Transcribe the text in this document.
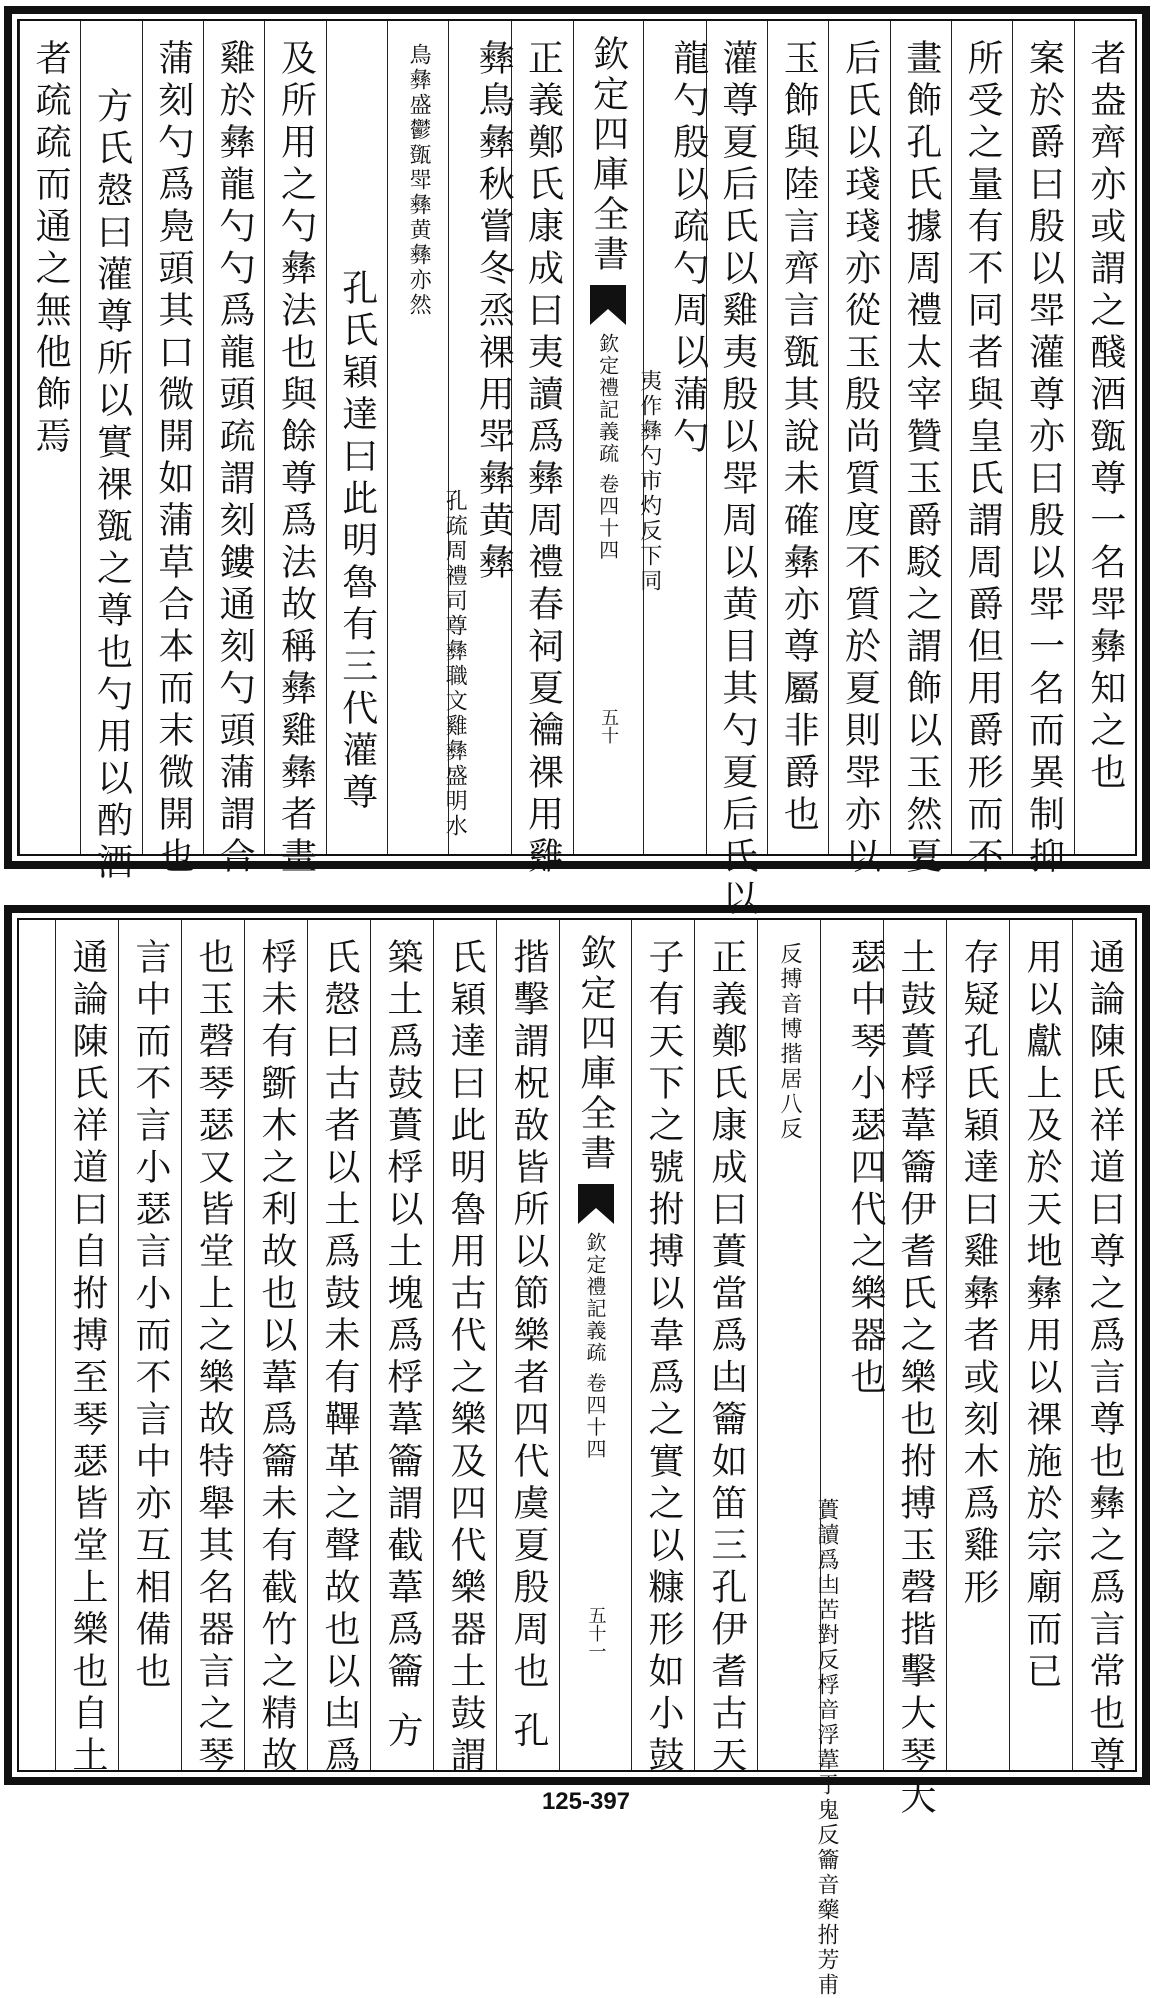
者盎齊亦或謂之醆酒㽅尊一名斝彝知之也
案於爵曰殷以斝灌尊亦曰殷以斝一名而異制抑
所受之量有不同者與皇氏謂周爵但用爵形而不
畫飾孔氏據周禮太宰贊玉爵駁之謂飾以玉然夏
后氏以琖琖亦從玉殷尚質度不質於夏則斝亦以
玉飾與陸言齊言㽅其說未確彝亦尊屬非爵也
灌尊夏后氏以雞夷殷以斝周以黄目其勺夏后氏以
龍勺殷以疏勺周以蒲勺
夷作彝勺市灼反下同
欽定四庫全書
欽定禮記義疏 卷四十四
五十
正義鄭氏康成曰夷讀爲彝周禮春祠夏禴祼用雞
彝鳥彝秋嘗冬烝祼用斝彝黄彝
孔疏周禮司尊彝職文雞彝盛明水
鳥彝盛鬱㽅斝彝黄彝亦然
孔氏穎達曰此明魯有三代灌尊
及所用之勺彝法也與餘尊爲法故稱彝雞彝者畫
雞於彝龍勺勺爲龍頭疏謂刻鏤通刻勺頭蒲謂合
蒲刻勺爲鳧頭其口微開如蒲草合本而末微開也
方氏慤曰灌尊所以實祼㽅之尊也勺用以酌酒
者疏疏而通之無他飾焉
通論陳氏祥道曰尊之爲言尊也彝之爲言常也尊
用以獻上及於天地彝用以祼施於宗廟而已
存疑孔氏穎達曰雞彝者或刻木爲雞形
土鼓蕢桴葦籥伊耆氏之樂也拊搏玉磬揩擊大琴大
瑟中琴小瑟四代之樂器也
蕢讀爲凷苦對反桴音浮葦于鬼反籥音藥拊芳甫
反搏音博揩居八反
正義鄭氏康成曰蕢當爲凷籥如笛三孔伊耆古天
子有天下之號拊搏以韋爲之實之以糠形如小鼓
欽定四庫全書
欽定禮記義疏 卷四十四
五十一
揩擊謂柷敔皆所以節樂者四代虞夏殷周也 孔
氏穎達曰此明魯用古代之樂及四代樂器土鼓謂
築土爲鼓蕢桴以土塊爲桴葦籥謂截葦爲籥 方
氏慤曰古者以土爲鼓未有鞸革之聲故也以凷爲
桴未有斵木之利故也以葦爲籥未有截竹之精故
也玉磬琴瑟又皆堂上之樂故特舉其名器言之琴
言中而不言小瑟言小而不言中亦互相備也
通論陳氏祥道曰自拊搏至琴瑟皆堂上樂也自土
125-397
